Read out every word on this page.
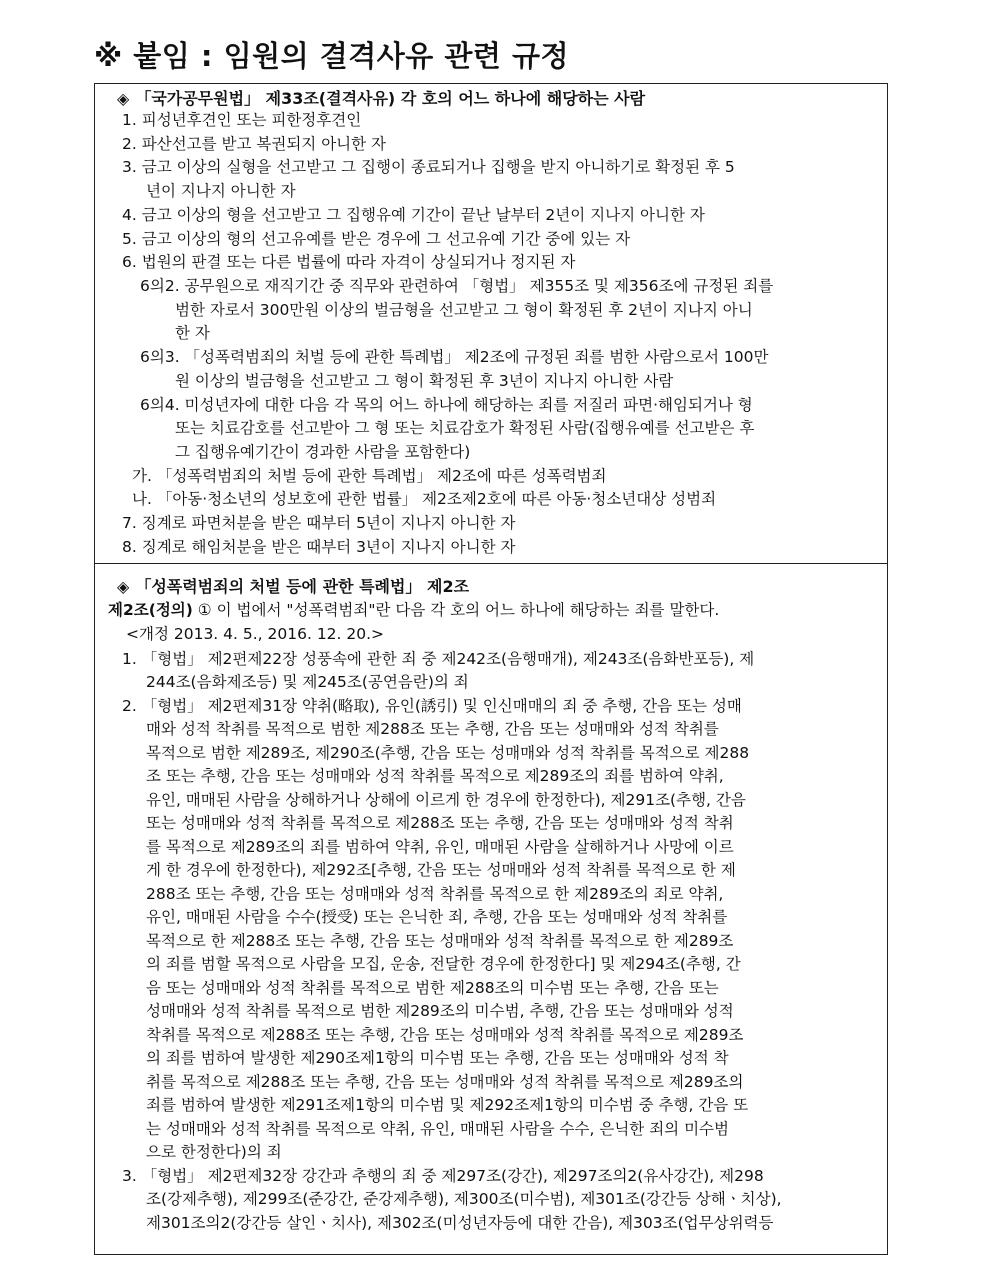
※ 붙임 : 임원의 결격사유 관련 규정
◈ 「국가공무원법」 제33조(결격사유) 각 호의 어느 하나에 해당하는 사람
1. 피성년후견인 또는 피한정후견인
2. 파산선고를 받고 복권되지 아니한 자
3. 금고 이상의 실형을 선고받고 그 집행이 종료되거나 집행을 받지 아니하기로 확정된 후 5
년이 지나지 아니한 자
4. 금고 이상의 형을 선고받고 그 집행유예 기간이 끝난 날부터 2년이 지나지 아니한 자
5. 금고 이상의 형의 선고유예를 받은 경우에 그 선고유예 기간 중에 있는 자
6. 법원의 판결 또는 다른 법률에 따라 자격이 상실되거나 정지된 자
6의2. 공무원으로 재직기간 중 직무와 관련하여 「형법」 제355조 및 제356조에 규정된 죄를
범한 자로서 300만원 이상의 벌금형을 선고받고 그 형이 확정된 후 2년이 지나지 아니
한 자
6의3. 「성폭력범죄의 처벌 등에 관한 특례법」 제2조에 규정된 죄를 범한 사람으로서 100만
원 이상의 벌금형을 선고받고 그 형이 확정된 후 3년이 지나지 아니한 사람
6의4. 미성년자에 대한 다음 각 목의 어느 하나에 해당하는 죄를 저질러 파면·해임되거나 형
또는 치료감호를 선고받아 그 형 또는 치료감호가 확정된 사람(집행유예를 선고받은 후
그 집행유예기간이 경과한 사람을 포함한다)
가. 「성폭력범죄의 처벌 등에 관한 특례법」 제2조에 따른 성폭력범죄
나. 「아동·청소년의 성보호에 관한 법률」 제2조제2호에 따른 아동·청소년대상 성범죄
7. 징계로 파면처분을 받은 때부터 5년이 지나지 아니한 자
8. 징계로 해임처분을 받은 때부터 3년이 지나지 아니한 자
◈ 「성폭력범죄의 처벌 등에 관한 특례법」 제2조
제2조(정의) ① 이 법에서 "성폭력범죄"란 다음 각 호의 어느 하나에 해당하는 죄를 말한다.
<개정 2013. 4. 5., 2016. 12. 20.>
1. 「형법」 제2편제22장 성풍속에 관한 죄 중 제242조(음행매개), 제243조(음화반포등), 제
244조(음화제조등) 및 제245조(공연음란)의 죄
2. 「형법」 제2편제31장 약취(略取), 유인(誘引) 및 인신매매의 죄 중 추행, 간음 또는 성매
매와 성적 착취를 목적으로 범한 제288조 또는 추행, 간음 또는 성매매와 성적 착취를
목적으로 범한 제289조, 제290조(추행, 간음 또는 성매매와 성적 착취를 목적으로 제288
조 또는 추행, 간음 또는 성매매와 성적 착취를 목적으로 제289조의 죄를 범하여 약취,
유인, 매매된 사람을 상해하거나 상해에 이르게 한 경우에 한정한다), 제291조(추행, 간음
또는 성매매와 성적 착취를 목적으로 제288조 또는 추행, 간음 또는 성매매와 성적 착취
를 목적으로 제289조의 죄를 범하여 약취, 유인, 매매된 사람을 살해하거나 사망에 이르
게 한 경우에 한정한다), 제292조[추행, 간음 또는 성매매와 성적 착취를 목적으로 한 제
288조 또는 추행, 간음 또는 성매매와 성적 착취를 목적으로 한 제289조의 죄로 약취,
유인, 매매된 사람을 수수(授受) 또는 은닉한 죄, 추행, 간음 또는 성매매와 성적 착취를
목적으로 한 제288조 또는 추행, 간음 또는 성매매와 성적 착취를 목적으로 한 제289조
의 죄를 범할 목적으로 사람을 모집, 운송, 전달한 경우에 한정한다] 및 제294조(추행, 간
음 또는 성매매와 성적 착취를 목적으로 범한 제288조의 미수범 또는 추행, 간음 또는
성매매와 성적 착취를 목적으로 범한 제289조의 미수범, 추행, 간음 또는 성매매와 성적
착취를 목적으로 제288조 또는 추행, 간음 또는 성매매와 성적 착취를 목적으로 제289조
의 죄를 범하여 발생한 제290조제1항의 미수범 또는 추행, 간음 또는 성매매와 성적 착
취를 목적으로 제288조 또는 추행, 간음 또는 성매매와 성적 착취를 목적으로 제289조의
죄를 범하여 발생한 제291조제1항의 미수범 및 제292조제1항의 미수범 중 추행, 간음 또
는 성매매와 성적 착취를 목적으로 약취, 유인, 매매된 사람을 수수, 은닉한 죄의 미수범
으로 한정한다)의 죄
3. 「형법」 제2편제32장 강간과 추행의 죄 중 제297조(강간), 제297조의2(유사강간), 제298
조(강제추행), 제299조(준강간, 준강제추행), 제300조(미수범), 제301조(강간등 상해ㆍ치상),
제301조의2(강간등 살인ㆍ치사), 제302조(미성년자등에 대한 간음), 제303조(업무상위력등
